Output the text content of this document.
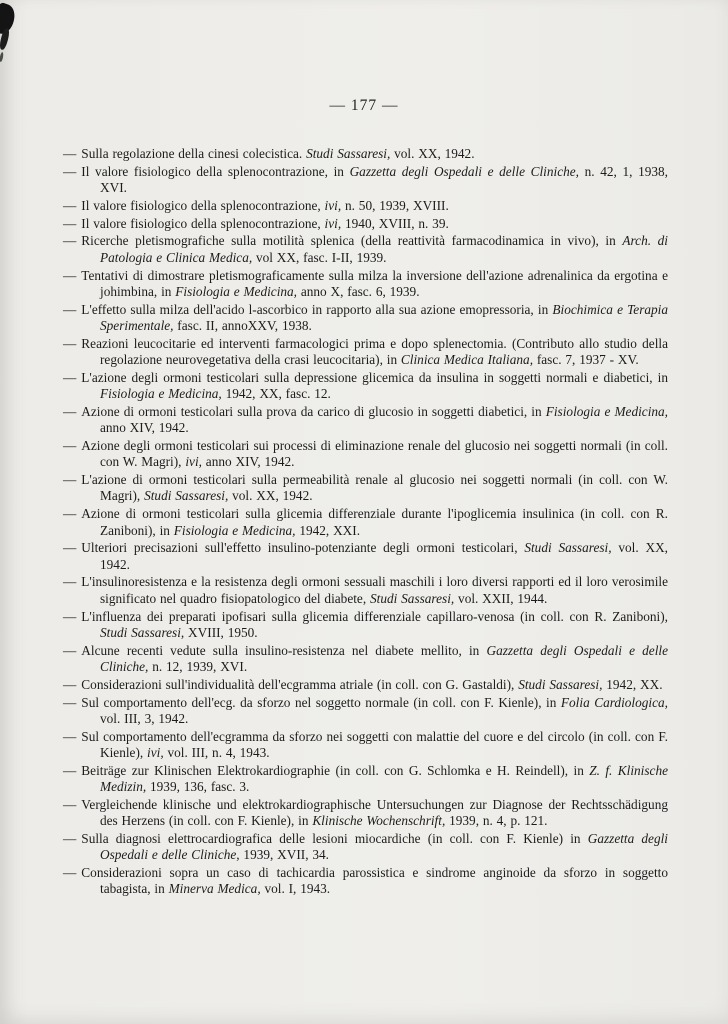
— 177 —

— Sulla regolazione della cinesi colecistica. Studi Sassaresi, vol. XX, 1942.

— Il valore fisiologico della splenocontrazione, in Gazzetta degli Ospedali e delle Cliniche, n. 42, 1, 1938, XVI.

— Il valore fisiologico della splenocontrazione, ivi, n. 50, 1939, XVIII.

— Il valore fisiologico della splenocontrazione, ivi, 1940, XVIII, n. 39.

— Ricerche pletismografiche sulla motilità splenica (della reattività farmacodinamica in vivo), in Arch. di Patologia e Clinica Medica, vol XX, fasc. I-II, 1939.

— Tentativi di dimostrare pletismograficamente sulla milza la inversione dell'azione adrenalinica da ergotina e johimbina, in Fisiologia e Medicina, anno X, fasc. 6, 1939.

— L'effetto sulla milza dell'acido l-ascorbico in rapporto alla sua azione emopressoria, in Biochimica e Terapia Sperimentale, fasc. II, annoXXV, 1938.

— Reazioni leucocitarie ed interventi farmacologici prima e dopo splenectomia. (Contributo allo studio della regolazione neurovegetativa della crasi leucocitaria), in Clinica Medica Italiana, fasc. 7, 1937 - XV.

— L'azione degli ormoni testicolari sulla depressione glicemica da insulina in soggetti normali e diabetici, in Fisiologia e Medicina, 1942, XX, fasc. 12.

— Azione di ormoni testicolari sulla prova da carico di glucosio in soggetti diabetici, in Fisiologia e Medicina, anno XIV, 1942.

— Azione degli ormoni testicolari sui processi di eliminazione renale del glucosio nei soggetti normali (in coll. con W. Magri), ivi, anno XIV, 1942.

— L'azione di ormoni testicolari sulla permeabilità renale al glucosio nei soggetti normali (in coll. con W. Magri), Studi Sassaresi, vol. XX, 1942.

— Azione di ormoni testicolari sulla glicemia differenziale durante l'ipoglicemia insulinica (in coll. con R. Zaniboni), in Fisiologia e Medicina, 1942, XXI.

— Ulteriori precisazioni sull'effetto insulino-potenziante degli ormoni testicolari, Studi Sassaresi, vol. XX, 1942.

— L'insulinoresistenza e la resistenza degli ormoni sessuali maschili i loro diversi rapporti ed il loro verosimile significato nel quadro fisiopatologico del diabete, Studi Sassaresi, vol. XXII, 1944.

— L'influenza dei preparati ipofisari sulla glicemia differenziale capillaro-venosa (in coll. con R. Zaniboni), Studi Sassaresi, XVIII, 1950.

— Alcune recenti vedute sulla insulino-resistenza nel diabete mellito, in Gazzetta degli Ospedali e delle Cliniche, n. 12, 1939, XVI.

— Considerazioni sull'individualità dell'ecgramma atriale (in coll. con G. Gastaldi), Studi Sassaresi, 1942, XX.

— Sul comportamento dell'ecg. da sforzo nel soggetto normale (in coll. con F. Kienle), in Folia Cardiologica, vol. III, 3, 1942.

— Sul comportamento dell'ecgramma da sforzo nei soggetti con malattie del cuore e del circolo (in coll. con F. Kienle), ivi, vol. III, n. 4, 1943.

— Beiträge zur Klinischen Elektrokardiographie (in coll. con G. Schlomka e H. Reindell), in Z. f. Klinische Medizin, 1939, 136, fasc. 3.

— Vergleichende klinische und elektrokardiographische Untersuchungen zur Diagnose der Rechtsschädigung des Herzens (in coll. con F. Kienle), in Klinische Wochenschrift, 1939, n. 4, p. 121.

— Sulla diagnosi elettrocardiografica delle lesioni miocardiche (in coll. con F. Kienle) in Gazzetta degli Ospedali e delle Cliniche, 1939, XVII, 34.

— Considerazioni sopra un caso di tachicardia parossistica e sindrome anginoide da sforzo in soggetto tabagista, in Minerva Medica, vol. I, 1943.
